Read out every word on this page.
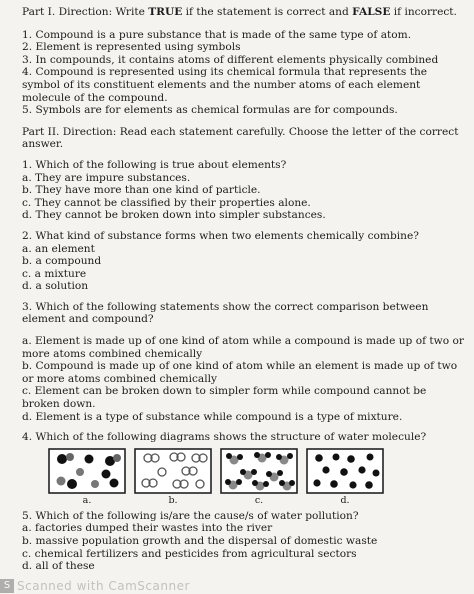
Part I. Direction: Write TRUE if the statement is correct and FALSE if incorrect.

1. Compound is a pure substance that is made of the same type of atom.

2. Element is represented using symbols

3. In compounds, it contains atoms of different elements physically combined

4. Compound is represented using its chemical formula that represents the symbol of its constituent elements and the number atoms of each element molecule of the compound.

5. Symbols are for elements as chemical formulas are for compounds.

Part II. Direction: Read each statement carefully. Choose the letter of the correct answer.

1. Which of the following is true about elements?

a. They are impure substances.

b. They have more than one kind of particle.

c. They cannot be classified by their properties alone.

d. They cannot be broken down into simpler substances.

2. What kind of substance forms when two elements chemically combine?

a. an element

b. a compound

c. a mixture

d. a solution

3. Which of the following statements show the correct comparison between element and compound?

a. Element is made up of one kind of atom while a compound is made up of two or more atoms combined chemically

b. Compound is made up of one kind of atom while an element is made up of two or more atoms combined chemically

c. Element can be broken down to simpler form while compound cannot be broken down.

d. Element is a type of substance while compound is a type of mixture.

4. Which of the following diagrams shows the structure of water molecule?

a.	b.	c.	d.

5. Which of the following is/are the cause/s of water pollution?

a. factories dumped their wastes into the river

b. massive population growth and the dispersal of domestic waste

c. chemical fertilizers and pesticides from agricultural sectors

d. all of these

S Scanned with CamScanner
